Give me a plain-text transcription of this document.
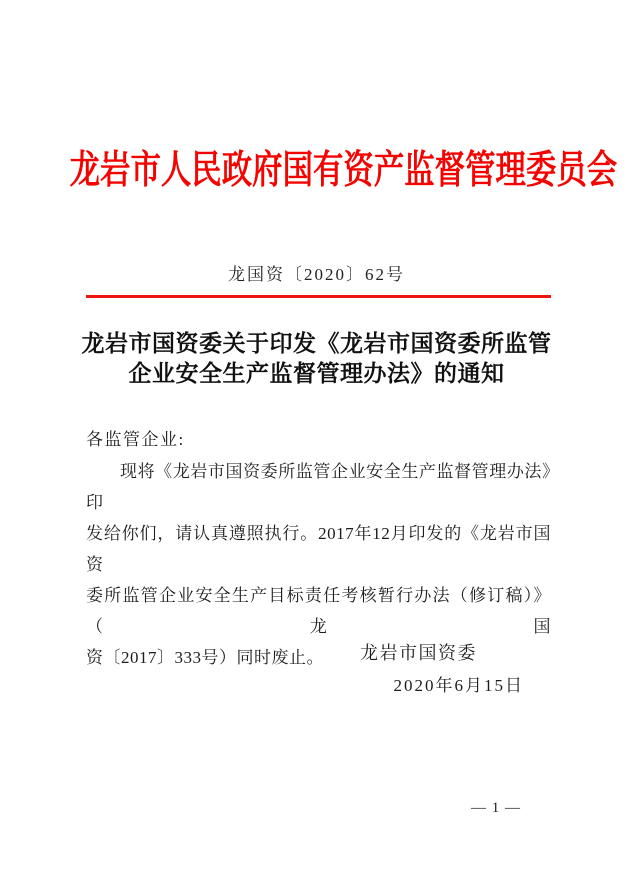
龙岩市人民政府国有资产监督管理委员会
龙国资〔2020〕62号
龙岩市国资委关于印发《龙岩市国资委所监管
企业安全生产监督管理办法》的通知
各监管企业:
现将《龙岩市国资委所监管企业安全生产监督管理办法》印
发给你们，请认真遵照执行。2017年12月印发的《龙岩市国资
委所监管企业安全生产目标责任考核暂行办法（修订稿）》（龙国
资〔2017〕333号）同时废止。	龙岩市国资委
2020年6月15日
— 1 —
